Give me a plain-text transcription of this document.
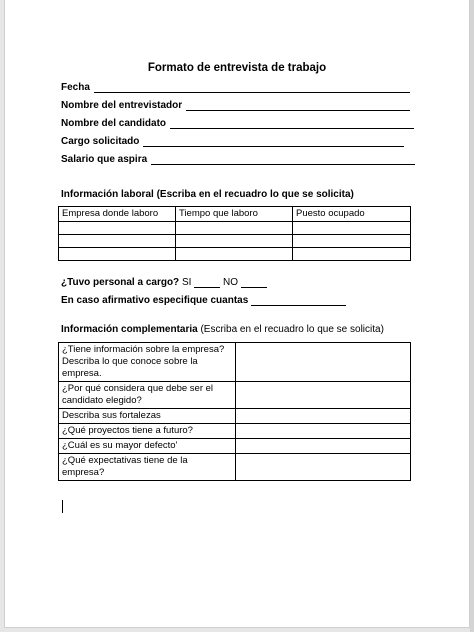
Formato de entrevista de trabajo
Fecha
Nombre del entrevistador
Nombre del candidato
Cargo solicitado
Salario que aspira
Información laboral (Escriba en el recuadro lo que se solicita)
Empresa donde laboro	Tiempo que laboro	Puesto ocupado

¿Tuvo personal a cargo? SI	NO
En caso afirmativo especifique cuantas
Información complementaria (Escriba en el recuadro lo que se solicita)
¿Tiene información sobre la empresa? Describa lo que conoce sobre la empresa.	
¿Por qué considera que debe ser el candidato elegido?	
Describa sus fortalezas	
¿Qué proyectos tiene a futuro?	
¿Cuál es su mayor defecto'	
¿Qué expectativas tiene de la empresa?	
